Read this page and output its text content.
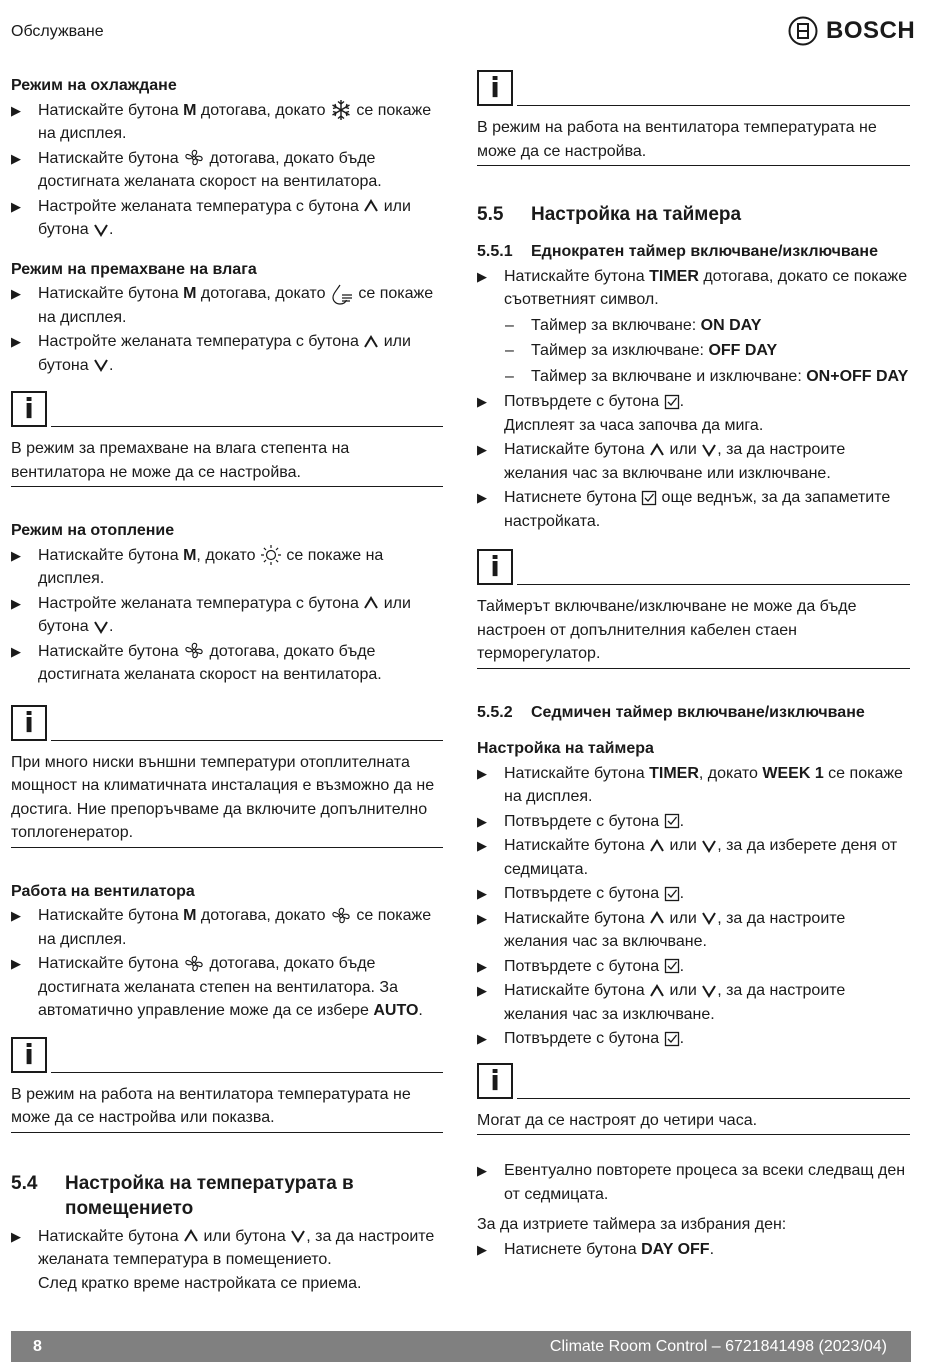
Обслужване	BOSCH

Режим на охлаждане

▶ Натискайте бутона M дотогава, докато  се покаже на дисплея.
▶ Натискайте бутона  дотогава, докато бъде достигната желаната скорост на вентилатора.
▶ Настройте желаната температура с бутона  или бутона .

Режим на премахване на влага

▶ Натискайте бутона M дотогава, докато  се покаже на дисплея.
▶ Настройте желаната температура с бутона  или бутона .
i
В режим за премахване на влага степента на вентилатора не може да се настройва.

Режим на отопление

▶ Натискайте бутона M, докато  се покаже на дисплея.
▶ Настройте желаната температура с бутона  или бутона .
▶ Натискайте бутона  дотогава, докато бъде достигната желаната скорост на вентилатора.
i
При много ниски външни температури отоплителната мощност на климатичната инсталация е възможно да не достига. Ние препоръчваме да включите допълнително топлогенератор.

Работа на вентилатора

▶ Натискайте бутона M дотогава, докато  се покаже на дисплея.
▶ Натискайте бутона  дотогава, докато бъде достигната желаната степен на вентилатора. За автоматично управление може да се избере AUTO.
i
В режим на работа на вентилатора температурата не може да се настройва или показва.
5.4	Настройка на температурата в помещението
▶ Натискайте бутона  или бутона , за да настроите желаната температура в помещението.
След кратко време настройката се приема.
i
В режим на работа на вентилатора температурата не може да се настройва.
5.5	Настройка на таймера
5.5.1	Еднократен таймер включване/изключване
▶ Натискайте бутона TIMER дотогава, докато се покаже съответният символ.
– Таймер за включване: ON DAY
– Таймер за изключване: OFF DAY
– Таймер за включване и изключване: ON+OFF DAY
▶ Потвърдете с бутона .
Дисплеят за часа започва да мига.
▶ Натискайте бутона  или , за да настроите желания час за включване или изключване.
▶ Натиснете бутона  още веднъж, за да запаметите настройката.
i
Таймерът включване/изключване не може да бъде настроен от допълнителния кабелен стаен терморегулатор.
5.5.2	Седмичен таймер включване/изключване

Настройка на таймера

▶ Натискайте бутона TIMER, докато WEEK 1 се покаже на дисплея.
▶ Потвърдете с бутона .
▶ Натискайте бутона  или , за да изберете деня от седмицата.
▶ Потвърдете с бутона .
▶ Натискайте бутона  или , за да настроите желания час за включване.
▶ Потвърдете с бутона .
▶ Натискайте бутона  или , за да настроите желания час за изключване.
▶ Потвърдете с бутона .
i
Могат да се настроят до четири часа.
▶ Евентуално повторете процеса за всеки следващ ден от седмицата.

За да изтриете таймера за избрания ден:

▶ Натиснете бутона DAY OFF.
8	Climate Room Control – 6721841498 (2023/04)
